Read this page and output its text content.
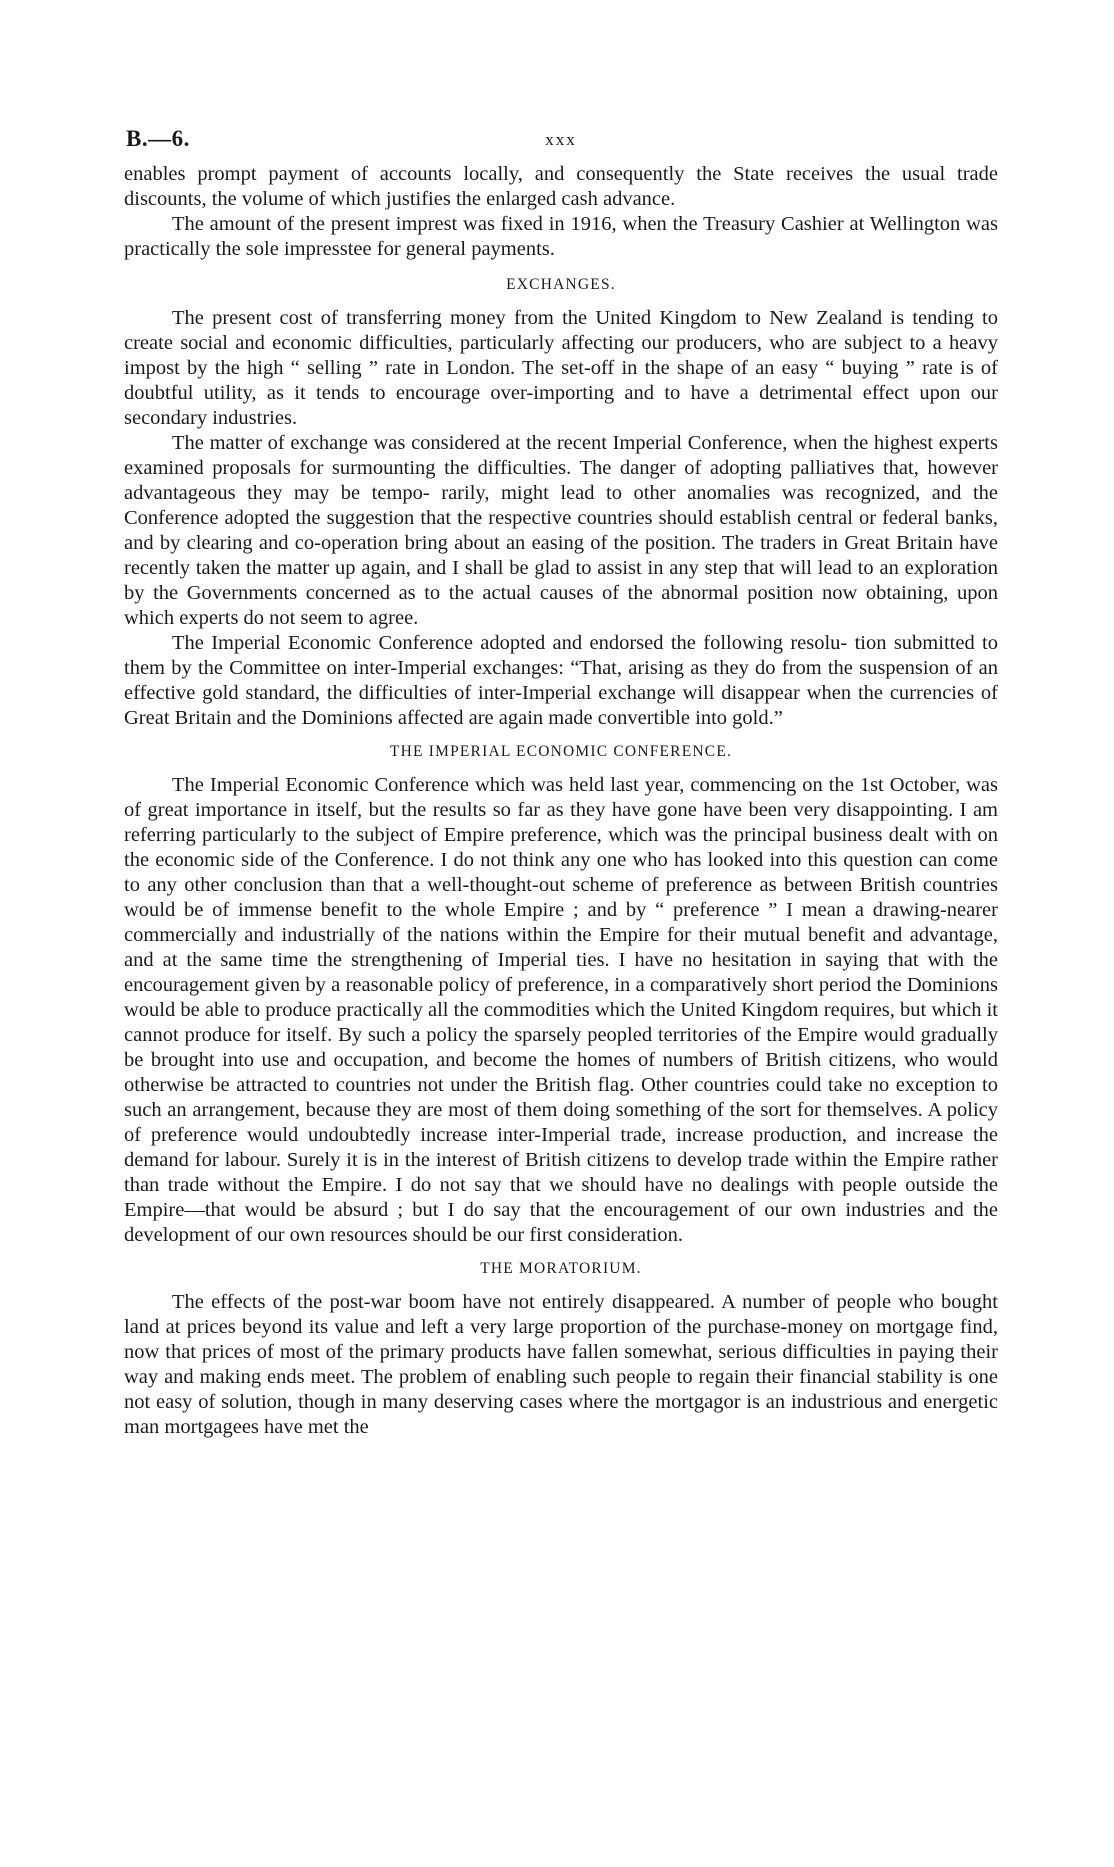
B.—6.	xxx

enables prompt payment of accounts locally, and consequently the State receives the usual trade discounts, the volume of which justifies the enlarged cash advance.

The amount of the present imprest was fixed in 1916, when the Treasury Cashier at Wellington was practically the sole impresstee for general payments.

EXCHANGES.

The present cost of transferring money from the United Kingdom to New Zealand is tending to create social and economic difficulties, particularly affecting our producers, who are subject to a heavy impost by the high “ selling ” rate in London. The set-off in the shape of an easy “ buying ” rate is of doubtful utility, as it tends to encourage over-importing and to have a detrimental effect upon our secondary industries.

The matter of exchange was considered at the recent Imperial Conference, when the highest experts examined proposals for surmounting the difficulties. The danger of adopting palliatives that, however advantageous they may be tempo- rarily, might lead to other anomalies was recognized, and the Conference adopted the suggestion that the respective countries should establish central or federal banks, and by clearing and co-operation bring about an easing of the position. The traders in Great Britain have recently taken the matter up again, and I shall be glad to assist in any step that will lead to an exploration by the Governments concerned as to the actual causes of the abnormal position now obtaining, upon which experts do not seem to agree.

The Imperial Economic Conference adopted and endorsed the following resolu- tion submitted to them by the Committee on inter-Imperial exchanges: “That, arising as they do from the suspension of an effective gold standard, the difficulties of inter-Imperial exchange will disappear when the currencies of Great Britain and the Dominions affected are again made convertible into gold.”

THE IMPERIAL ECONOMIC CONFERENCE.

The Imperial Economic Conference which was held last year, commencing on the 1st October, was of great importance in itself, but the results so far as they have gone have been very disappointing. I am referring particularly to the subject of Empire preference, which was the principal business dealt with on the economic side of the Conference. I do not think any one who has looked into this question can come to any other conclusion than that a well-thought-out scheme of preference as between British countries would be of immense benefit to the whole Empire ; and by “ preference ” I mean a drawing-nearer commercially and industrially of the nations within the Empire for their mutual benefit and advantage, and at the same time the strengthening of Imperial ties. I have no hesitation in saying that with the encouragement given by a reasonable policy of preference, in a comparatively short period the Dominions would be able to produce practically all the commodities which the United Kingdom requires, but which it cannot produce for itself. By such a policy the sparsely peopled territories of the Empire would gradually be brought into use and occupation, and become the homes of numbers of British citizens, who would otherwise be attracted to countries not under the British flag. Other countries could take no exception to such an arrangement, because they are most of them doing something of the sort for themselves. A policy of preference would undoubtedly increase inter-Imperial trade, increase production, and increase the demand for labour. Surely it is in the interest of British citizens to develop trade within the Empire rather than trade without the Empire. I do not say that we should have no dealings with people outside the Empire—that would be absurd ; but I do say that the encouragement of our own industries and the development of our own resources should be our first consideration.

THE MORATORIUM.

The effects of the post-war boom have not entirely disappeared. A number of people who bought land at prices beyond its value and left a very large proportion of the purchase-money on mortgage find, now that prices of most of the primary products have fallen somewhat, serious difficulties in paying their way and making ends meet. The problem of enabling such people to regain their financial stability is one not easy of solution, though in many deserving cases where the mortgagor is an industrious and energetic man mortgagees have met the
